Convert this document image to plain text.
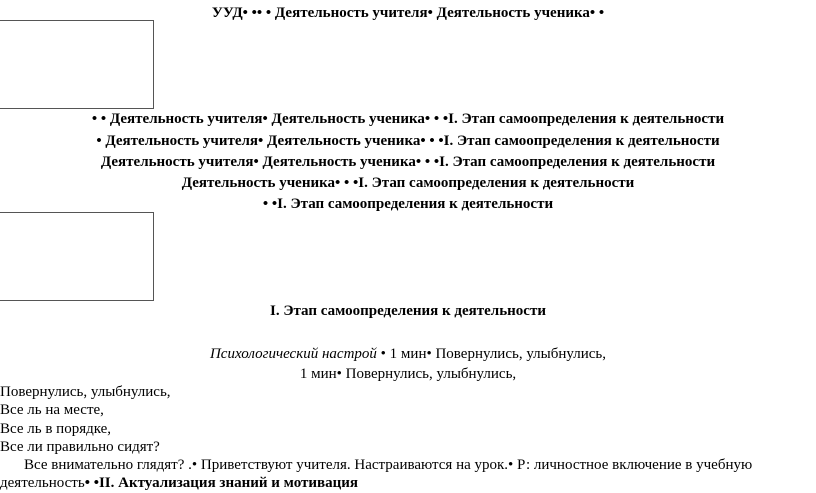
УУД• •• • Деятельность учителя• Деятельность ученика• •
• • Деятельность учителя• Деятельность ученика• • •I. Этап самоопределения к деятельности
• Деятельность учителя• Деятельность ученика• • •I. Этап самоопределения к деятельности
Деятельность учителя• Деятельность ученика• • •I. Этап самоопределения к деятельности
Деятельность ученика• • •I. Этап самоопределения к деятельности
• •I. Этап самоопределения к деятельности
I. Этап самоопределения к деятельности
Психологический настрой • 1 мин• Повернулись, улыбнулись,
1 мин• Повернулись, улыбнулись,
Повернулись, улыбнулись,
Все ль на месте,
Все ль в порядке,
Все ли правильно сидят?
Все внимательно глядят? .• Приветствуют учителя. Настраиваются на урок.• Р: личностное включение в учебную
деятельность• •II. Актуализация знаний и мотивация
